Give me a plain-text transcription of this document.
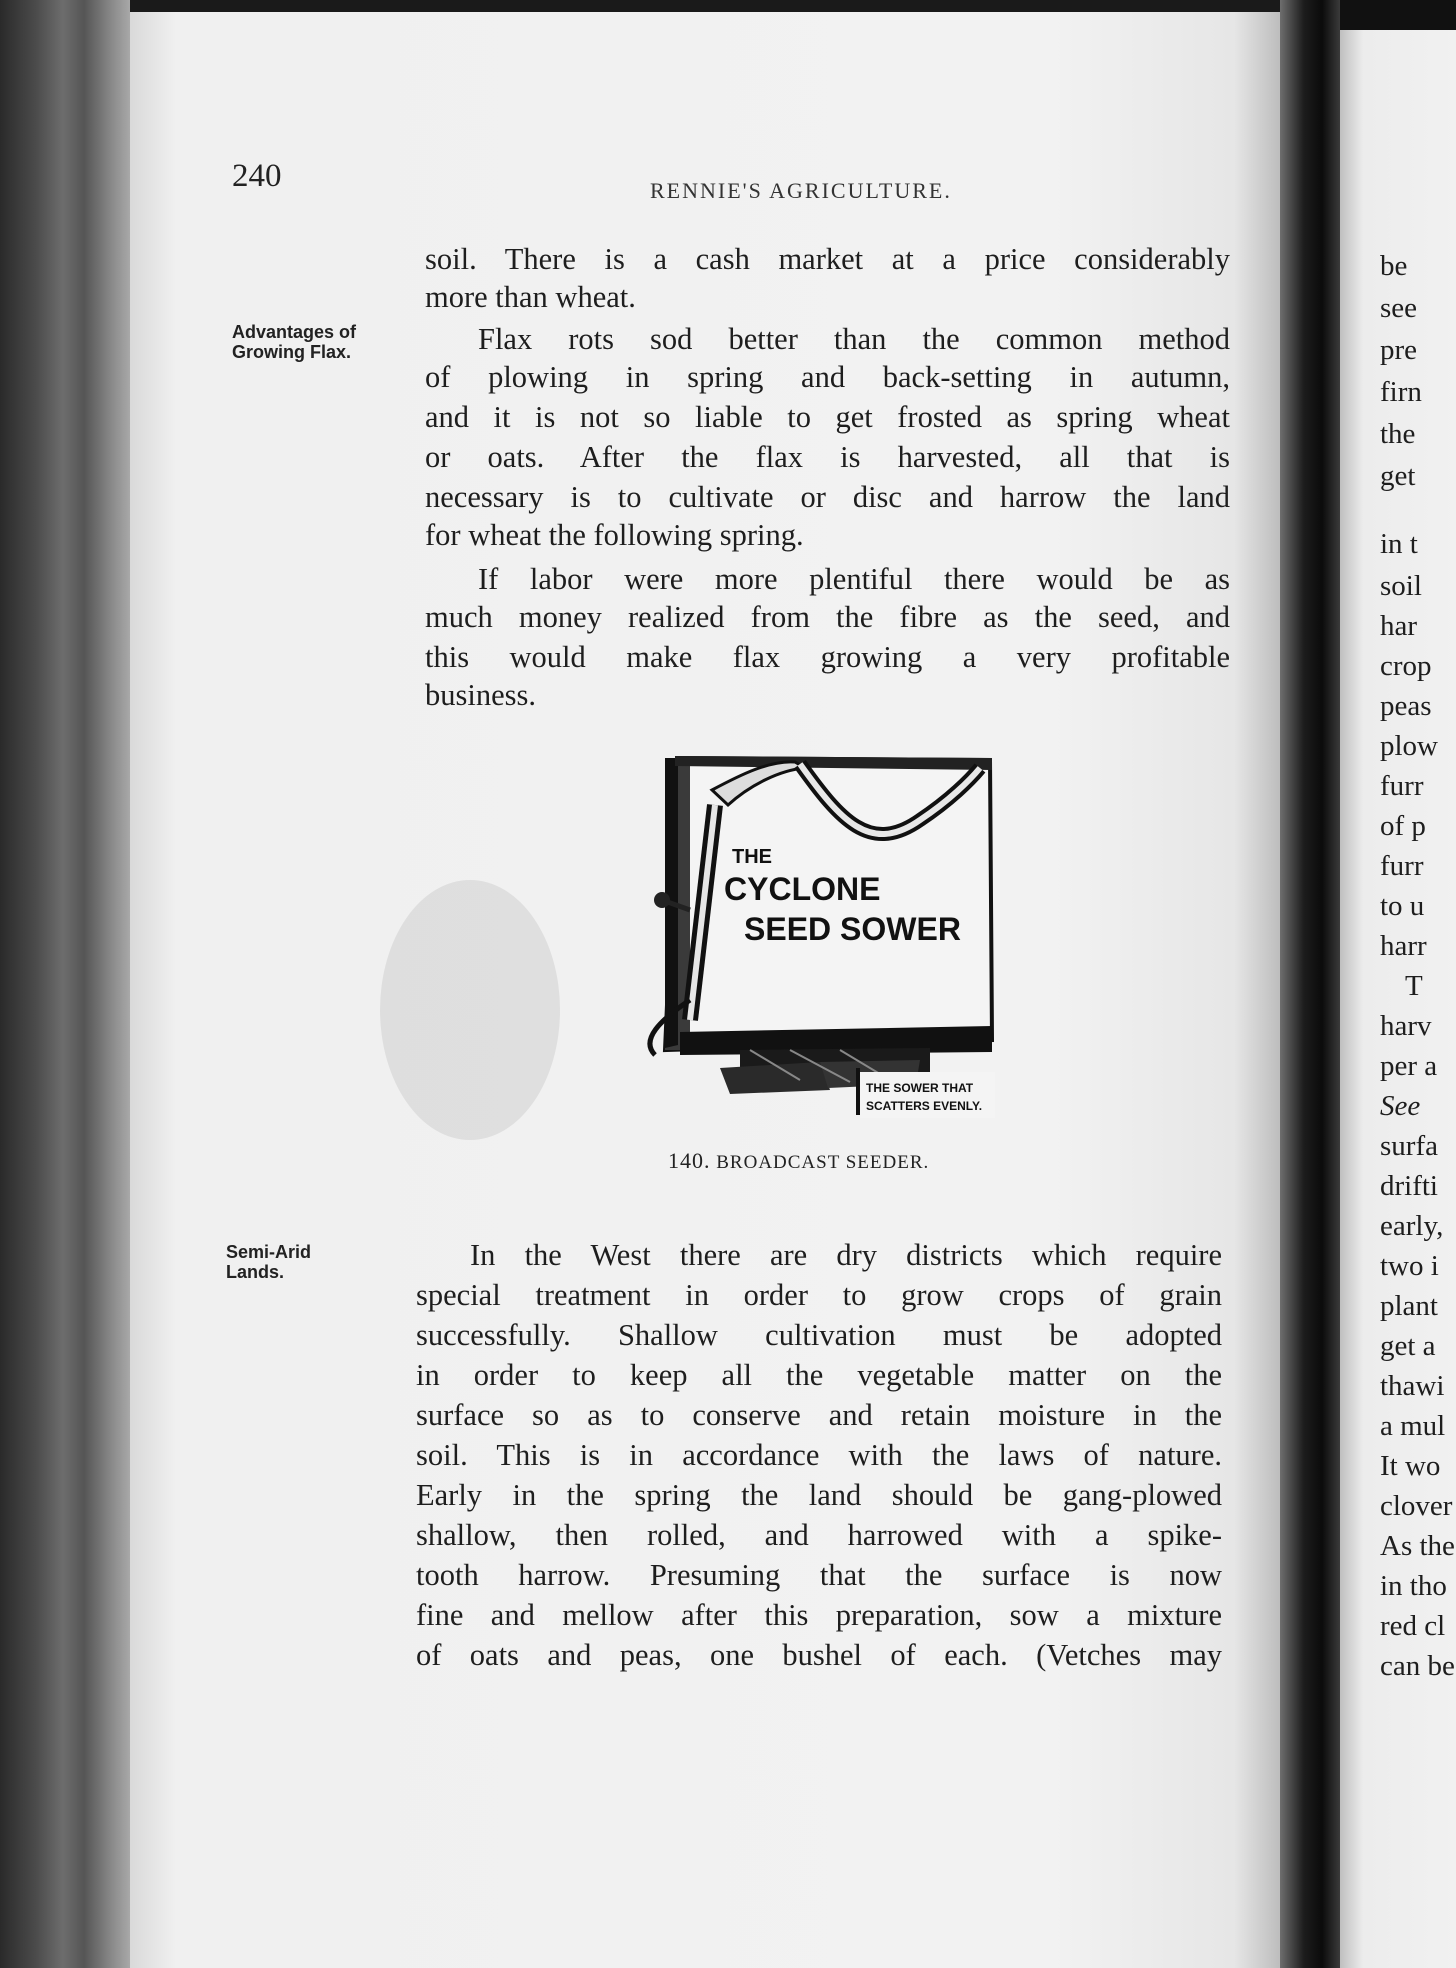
240	RENNIE'S AGRICULTURE.

Advantages of Growing Flax.

Semi-Arid Lands.

soil. There is a cash market at a price considerably

more than wheat.

Flax rots sod better than the common method

of plowing in spring and back-setting in autumn,

and it is not so liable to get frosted as spring wheat

or oats. After the flax is harvested, all that is

necessary is to cultivate or disc and harrow the land

for wheat the following spring.

If labor were more plentiful there would be as

much money realized from the fibre as the seed, and

this would make flax growing a very profitable

business.

THE
CYCLONE
SEED SOWER
THE SOWER THAT
SCATTERS EVENLY.

140. BROADCAST SEEDER.

In the West there are dry districts which require

special treatment in order to grow crops of grain

successfully. Shallow cultivation must be adopted

in order to keep all the vegetable matter on the

surface so as to conserve and retain moisture in the

soil. This is in accordance with the laws of nature.

Early in the spring the land should be gang-plowed

shallow, then rolled, and harrowed with a spike-

tooth harrow. Presuming that the surface is now

fine and mellow after this preparation, sow a mixture

of oats and peas, one bushel of each. (Vetches may

be

see

pre

firn

the

get

in t

soil

har

crop

peas

plow

furr

of p

furr

to u

harr

T

harv

per a

See

surfa

drifti

early,

two i

plant

get a

thawi

a mul

It wo

clover

As the

in tho

red cl

can be
